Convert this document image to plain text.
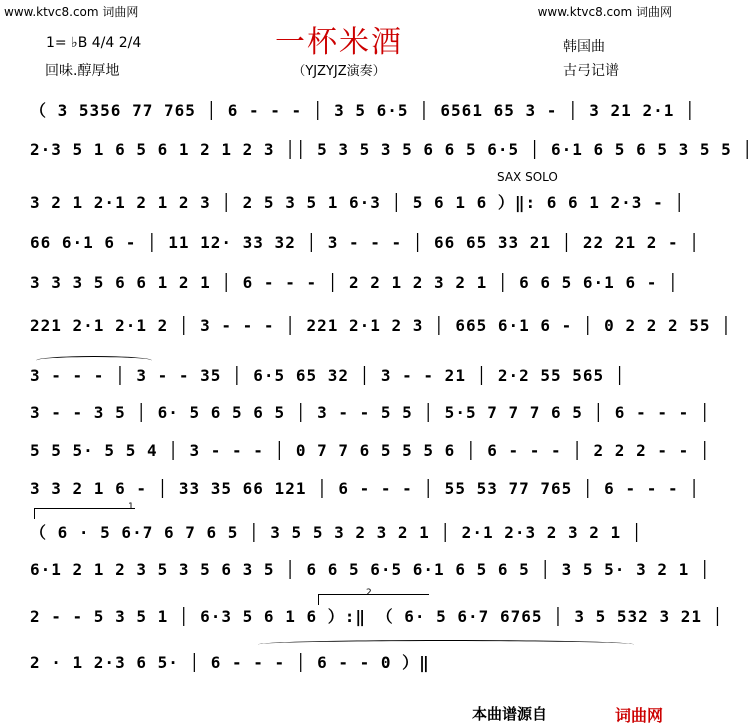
www.ktvc8.com 词曲网	www.ktvc8.com 词曲网
一杯米酒
1= ♭B 4/4 2/4
回味.醇厚地	（YJZYJZ演奏）
韩国曲
古弓记谱
SAX SOLO
（ 3 5356 77 765 │ 6 - - - │ 3 5 6·5 │ 6561 65 3 - │ 3 21 2·1 │
2·3 5 1 6 5 6 1 2 1 2 3 ││ 5 3 5 3 5 6 6 5 6·5 │ 6·1 6 5 6 5 3 5 5 │
3 2 1 2·1 2 1 2 3 │ 2 5 3 5 1 6·3 │ 5 6 1 6 ）‖: 6 6 1 2·3 - │
66 6·1 6 - │ 11 12· 33 32 │ 3 - - - │ 66 65 33 21 │ 22 21 2 - │
3 3 3 5 6 6 1 2 1 │ 6 - - - │ 2 2 1 2 3 2 1 │ 6 6 5 6·1 6 - │
221 2·1 2·1 2 │ 3 - - - │ 221 2·1 2 3 │ 665 6·1 6 - │ 0 2 2 2 55 │
3 - - - │ 3 - - 35 │ 6·5 65 32 │ 3 - - 21 │ 2·2 55 565 │
3 - - 3 5 │ 6· 5 6 5 6 5 │ 3 - - 5 5 │ 5·5 7 7 7 6 5 │ 6 - - - │
5 5 5· 5 5 4 │ 3 - - - │ 0 7 7 6 5 5 5 6 │ 6 - - - │ 2 2 2 - - │
3 3 2 1 6 - │ 33 35 66 121 │ 6 - - - │ 55 53 77 765 │ 6 - - - │
（ 6 · 5 6·7 6 7 6 5 │ 3 5 5 3 2 3 2 1 │ 2·1 2·3 2 3 2 1 │
6·1 2 1 2 3 5 3 5 6 3 5 │ 6 6 5 6·5 6·1 6 5 6 5 │ 3 5 5· 3 2 1 │
2 - - 5 3 5 1 │ 6·3 5 6 1 6 ）:‖ （ 6· 5 6·7 6765 │ 3 5 532 3 21 │
2 · 1 2·3 6 5· │ 6 - - - │ 6 - - 0 ）‖
1
2
本曲谱源自	词曲网
